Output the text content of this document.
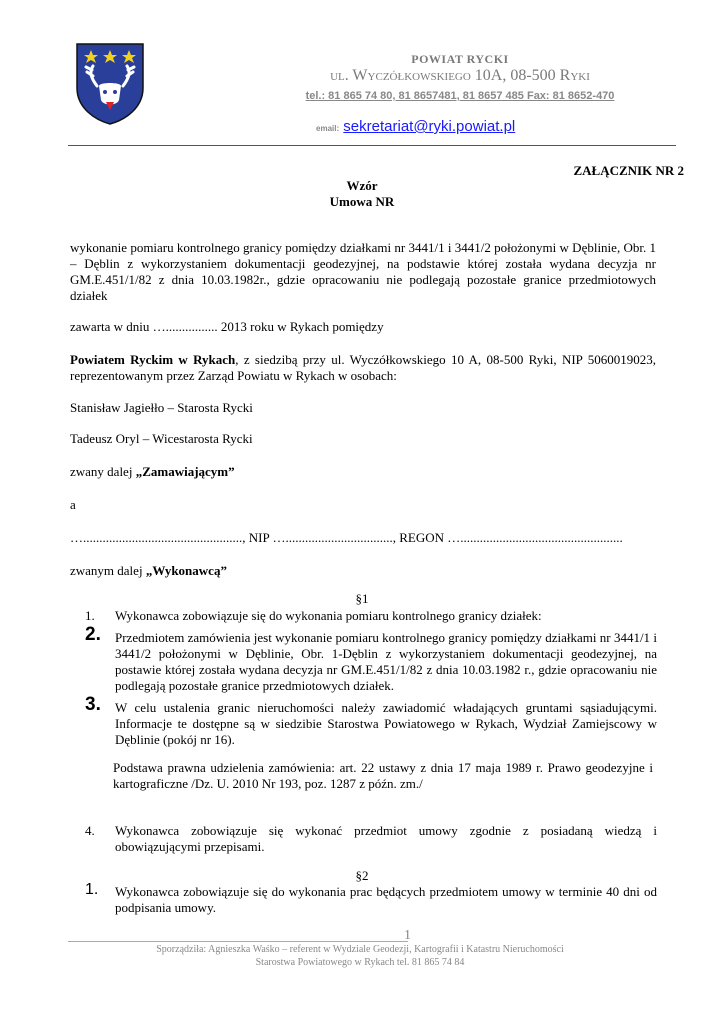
POWIAT RYCKI
ul. Wyczółkowskiego 10A, 08-500 Ryki
tel.: 81 865 74 80, 81 8657481, 81 8657 485 Fax: 81 8652-470
email: sekretariat@ryki.powiat.pl
ZAŁĄCZNIK NR 2
Wzór
Umowa NR
wykonanie pomiaru kontrolnego granicy pomiędzy działkami nr 3441/1 i 3441/2 położonymi w Dęblinie, Obr. 1 – Dęblin z wykorzystaniem dokumentacji geodezyjnej, na podstawie której została wydana decyzja nr GM.E.451/1/82 z dnia 10.03.1982r., gdzie opracowaniu nie podlegają pozostałe granice przedmiotowych działek
zawarta w dniu …................ 2013 roku w Rykach pomiędzy
Powiatem Ryckim w Rykach, z siedzibą przy ul. Wyczółkowskiego 10 A, 08-500 Ryki, NIP 5060019023, reprezentowanym przez Zarząd Powiatu w Rykach w osobach:
Stanisław Jagiełło – Starosta Rycki
Tadeusz Oryl – Wicestarosta Rycki
zwany dalej „Zamawiającym”
a
…................................................., NIP …................................., REGON …..................................................
zwanym dalej „Wykonawcą”
§1
1.	Wykonawca zobowiązuje się do wykonania pomiaru kontrolnego granicy działek:
2.	Przedmiotem zamówienia jest wykonanie pomiaru kontrolnego granicy pomiędzy działkami nr 3441/1 i 3441/2 położonymi w Dęblinie, Obr. 1-Dęblin z wykorzystaniem dokumentacji geodezyjnej, na postawie której została wydana decyzja nr GM.E.451/1/82 z dnia 10.03.1982 r., gdzie opracowaniu nie podlegają pozostałe granice przedmiotowych działek.
3.	W celu ustalenia granic nieruchomości należy zawiadomić władających gruntami sąsiadującymi. Informacje te dostępne są w siedzibie Starostwa Powiatowego w Rykach, Wydział Zamiejscowy w Dęblinie (pokój nr 16).
Podstawa prawna udzielenia zamówienia: art. 22 ustawy z dnia 17 maja 1989 r. Prawo geodezyjne i kartograficzne /Dz. U. 2010 Nr 193, poz. 1287 z późn. zm./
4.	Wykonawca zobowiązuje się wykonać przedmiot umowy zgodnie z posiadaną wiedzą i obowiązującymi przepisami.
§2
1.	Wykonawca zobowiązuje się do wykonania prac będących przedmiotem umowy w terminie 40 dni od podpisania umowy.
1
Sporządziła: Agnieszka Waśko – referent w Wydziale Geodezji, Kartografii i Katastru Nieruchomości
Starostwa Powiatowego w Rykach tel. 81 865 74 84
